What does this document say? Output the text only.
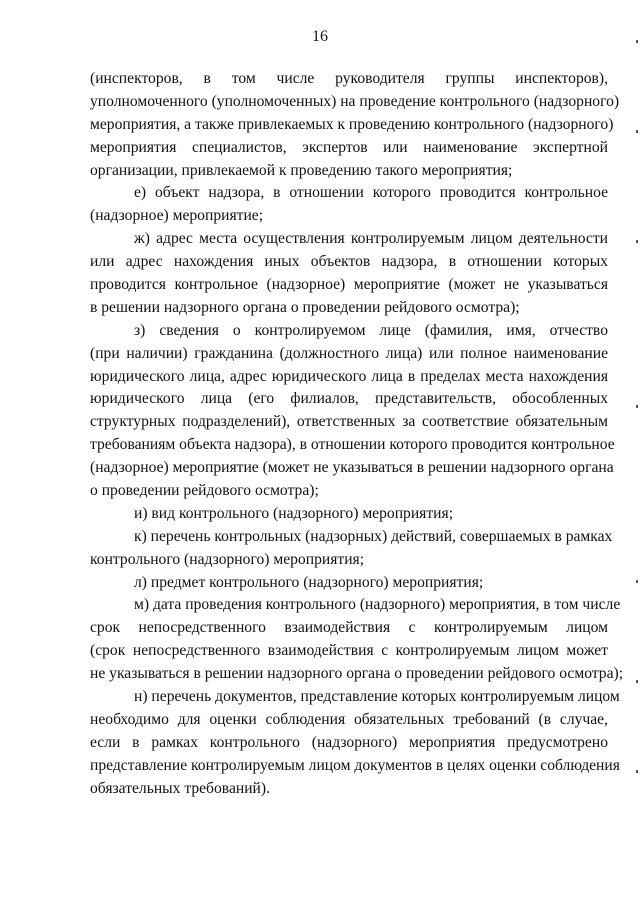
16
(инспекторов, в том числе руководителя группы инспекторов),
уполномоченного (уполномоченных) на проведение контрольного (надзорного)
мероприятия, а также привлекаемых к проведению контрольного (надзорного)
мероприятия специалистов, экспертов или наименование экспертной
организации, привлекаемой к проведению такого мероприятия;
е) объект надзора, в отношении которого проводится контрольное
(надзорное) мероприятие;
ж) адрес места осуществления контролируемым лицом деятельности
или адрес нахождения иных объектов надзора, в отношении которых
проводится контрольное (надзорное) мероприятие (может не указываться
в решении надзорного органа о проведении рейдового осмотра);
з) сведения о контролируемом лице (фамилия, имя, отчество
(при наличии) гражданина (должностного лица) или полное наименование
юридического лица, адрес юридического лица в пределах места нахождения
юридического лица (его филиалов, представительств, обособленных
структурных подразделений), ответственных за соответствие обязательным
требованиям объекта надзора), в отношении которого проводится контрольное
(надзорное) мероприятие (может не указываться в решении надзорного органа
о проведении рейдового осмотра);
и) вид контрольного (надзорного) мероприятия;
к) перечень контрольных (надзорных) действий, совершаемых в рамках
контрольного (надзорного) мероприятия;
л) предмет контрольного (надзорного) мероприятия;
м) дата проведения контрольного (надзорного) мероприятия, в том числе
срок непосредственного взаимодействия с контролируемым лицом
(срок непосредственного взаимодействия с контролируемым лицом может
не указываться в решении надзорного органа о проведении рейдового осмотра);
н) перечень документов, представление которых контролируемым лицом
необходимо для оценки соблюдения обязательных требований (в случае,
если в рамках контрольного (надзорного) мероприятия предусмотрено
представление контролируемым лицом документов в целях оценки соблюдения
обязательных требований).
